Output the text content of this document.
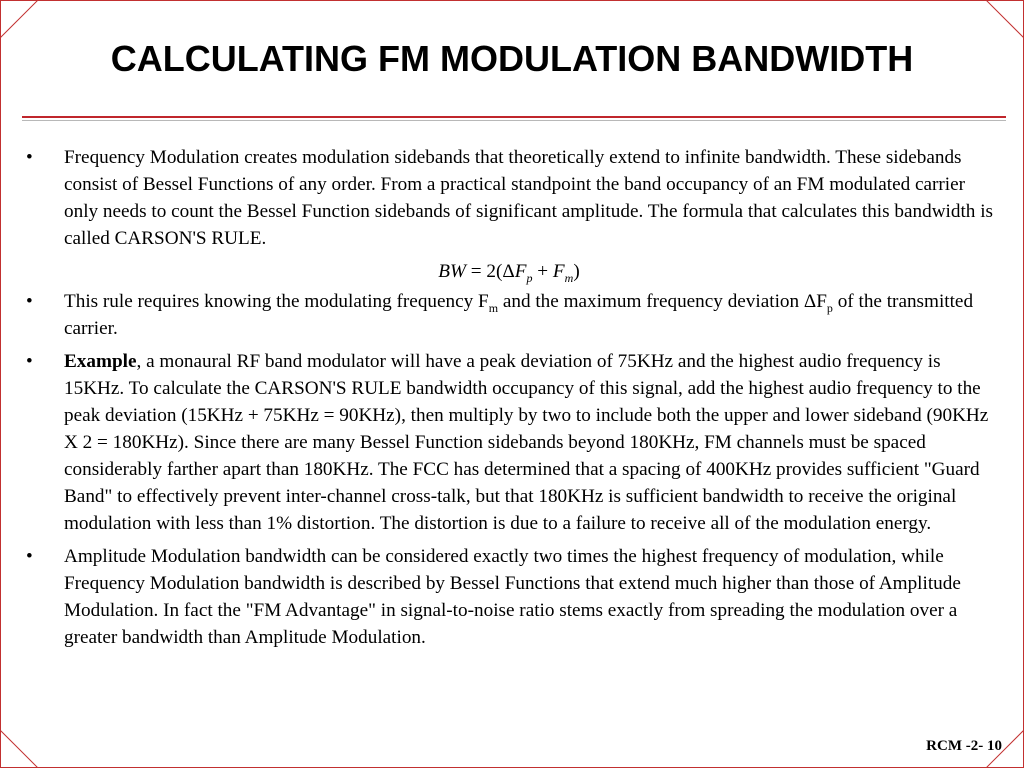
CALCULATING FM MODULATION BANDWIDTH
• Frequency Modulation creates modulation sidebands that theoretically extend to infinite bandwidth. These sidebands consist of Bessel Functions of any order. From a practical standpoint the band occupancy of an FM modulated carrier only needs to count the Bessel Function sidebands of significant amplitude. The formula that calculates this bandwidth is called CARSON'S RULE.
BW = $2(\Delta F_p + F_m)$
• This rule requires knowing the modulating frequency $F_m$ and the maximum frequency deviation $\Delta F_p$ of the transmitted carrier.
• Example, a monaural RF band modulator will have a peak deviation of 75KHz and the highest audio frequency is 15KHz. To calculate the CARSON'S RULE bandwidth occupancy of this signal, add the highest audio frequency to the peak deviation (15KHz + 75KHz = 90KHz), then multiply by two to include both the upper and lower sideband (90KHz X 2 = 180KHz). Since there are many Bessel Function sidebands beyond 180KHz, FM channels must be spaced considerably farther apart than 180KHz. The FCC has determined that a spacing of 400KHz provides sufficient "Guard Band" to effectively prevent inter-channel cross-talk, but that 180KHz is sufficient bandwidth to receive the original modulation with less than 1% distortion. The distortion is due to a failure to receive all of the modulation energy.
• Amplitude Modulation bandwidth can be considered exactly two times the highest frequency of modulation, while Frequency Modulation bandwidth is described by Bessel Functions that extend much higher than those of Amplitude Modulation. In fact the "FM Advantage" in signal-to-noise ratio stems exactly from spreading the modulation over a greater bandwidth than Amplitude Modulation.
RCM -2- 10
